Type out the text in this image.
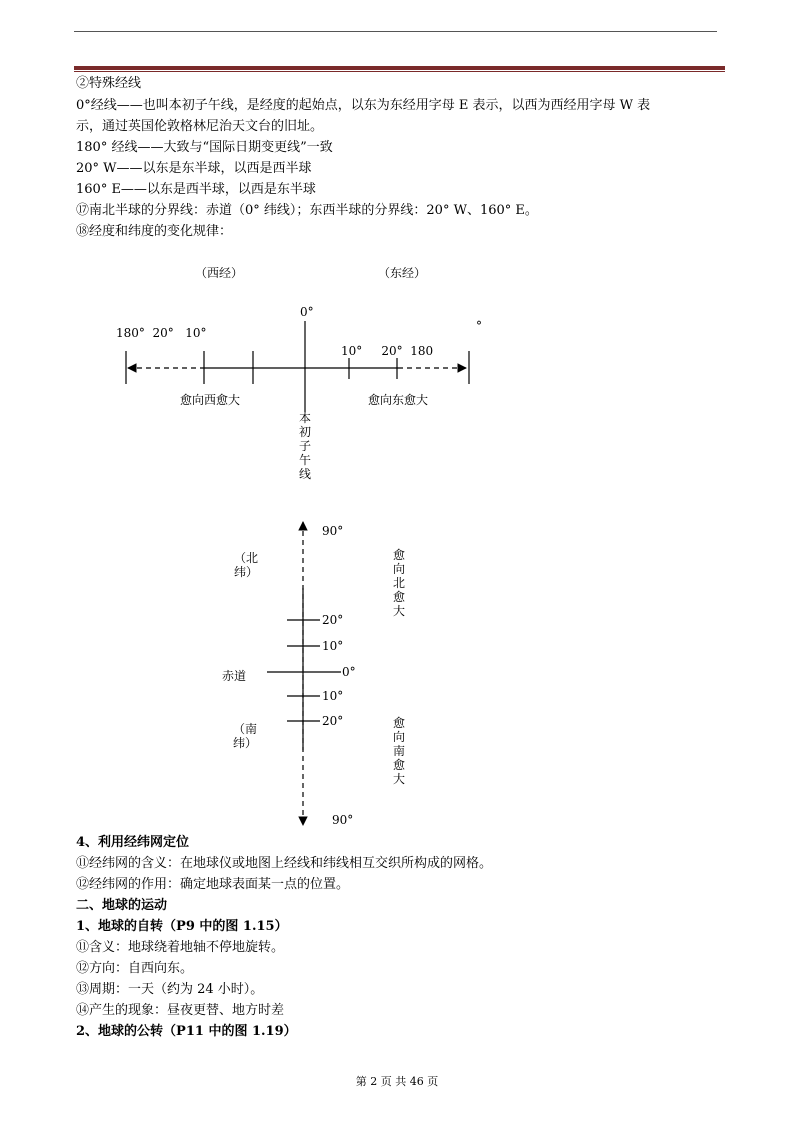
②特殊经线
0°经线——也叫本初子午线，是经度的起始点，以东为东经用字母 E 表示，以西为西经用字母 W 表
示，通过英国伦敦格林尼治天文台的旧址。
180° 经线——大致与“国际日期变更线”一致
20° W——以东是东半球，以西是西半球
160° E——以东是西半球，以西是东半球
⑰南北半球的分界线：赤道（0° 纬线）；东西半球的分界线：20° W、160° E。
⑱经度和纬度的变化规律：
（西经）	（东经）
0°
180°  20°   10°
10°     20°  180
°
愈向西愈大	愈向东愈大
90°
90°
20°
10°
0°
10°
20°
赤道
本初子午线
（北纬）
愈向北愈大
（南纬）
愈向南愈大
4、利用经纬网定位
⑪经纬网的含义：在地球仪或地图上经线和纬线相互交织所构成的网格。
⑫经纬网的作用：确定地球表面某一点的位置。
二、地球的运动
1、地球的自转（P9 中的图 1.15）
⑪含义：地球绕着地轴不停地旋转。
⑫方向：自西向东。
⑬周期：一天（约为 24 小时）。
⑭产生的现象：昼夜更替、地方时差
2、地球的公转（P11 中的图 1.19）
第 2 页 共 46 页
